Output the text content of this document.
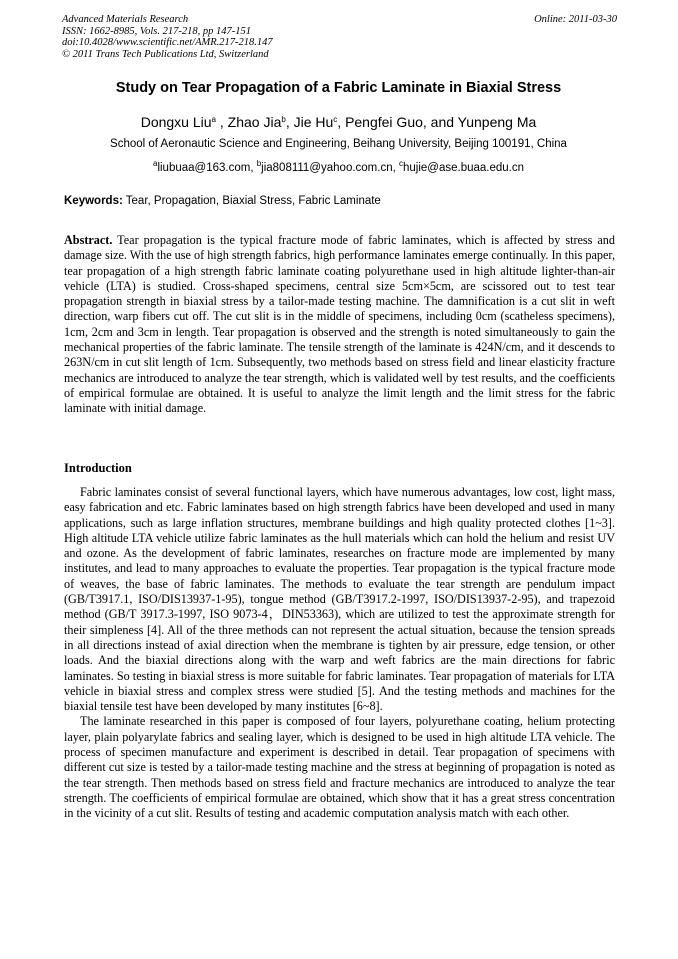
Advanced Materials Research
ISSN: 1662-8985, Vols. 217-218, pp 147-151
doi:10.4028/www.scientific.net/AMR.217-218.147
© 2011 Trans Tech Publications Ltd, Switzerland
Online: 2011-03-30
Study on Tear Propagation of a Fabric Laminate in Biaxial Stress
Dongxu Liu$^a$ , Zhao Jia$^b$, Jie Hu$^c$, Pengfei Guo, and Yunpeng Ma
School of Aeronautic Science and Engineering, Beihang University, Beijing 100191, China
$^a$liubuaa@163.com, $^b$jia808111@yahoo.com.cn, $^c$hujie@ase.buaa.edu.cn
Keywords: Tear, Propagation, Biaxial Stress, Fabric Laminate
Abstract. Tear propagation is the typical fracture mode of fabric laminates, which is affected by stress and damage size. With the use of high strength fabrics, high performance laminates emerge continually. In this paper, tear propagation of a high strength fabric laminate coating polyurethane used in high altitude lighter-than-air vehicle (LTA) is studied. Cross-shaped specimens, central size 5cm×5cm, are scissored out to test tear propagation strength in biaxial stress by a tailor-made testing machine. The damnification is a cut slit in weft direction, warp fibers cut off. The cut slit is in the middle of specimens, including 0cm (scatheless specimens), 1cm, 2cm and 3cm in length. Tear propagation is observed and the strength is noted simultaneously to gain the mechanical properties of the fabric laminate. The tensile strength of the laminate is 424N/cm, and it descends to 263N/cm in cut slit length of 1cm. Subsequently, two methods based on stress field and linear elasticity fracture mechanics are introduced to analyze the tear strength, which is validated well by test results, and the coefficients of empirical formulae are obtained. It is useful to analyze the limit length and the limit stress for the fabric laminate with initial damage.
Introduction

Fabric laminates consist of several functional layers, which have numerous advantages, low cost, light mass, easy fabrication and etc. Fabric laminates based on high strength fabrics have been developed and used in many applications, such as large inflation structures, membrane buildings and high quality protected clothes [1~3]. High altitude LTA vehicle utilize fabric laminates as the hull materials which can hold the helium and resist UV and ozone. As the development of fabric laminates, researches on fracture mode are implemented by many institutes, and lead to many approaches to evaluate the properties. Tear propagation is the typical fracture mode of weaves, the base of fabric laminates. The methods to evaluate the tear strength are pendulum impact (GB/T3917.1, ISO/DIS13937-1-95), tongue method (GB/T3917.2-1997, ISO/DIS13937-2-95), and trapezoid method (GB/T 3917.3-1997, ISO 9073-4，DIN53363), which are utilized to test the approximate strength for their simpleness [4]. All of the three methods can not represent the actual situation, because the tension spreads in all directions instead of axial direction when the membrane is tighten by air pressure, edge tension, or other loads. And the biaxial directions along with the warp and weft fabrics are the main directions for fabric laminates. So testing in biaxial stress is more suitable for fabric laminates. Tear propagation of materials for LTA vehicle in biaxial stress and complex stress were studied [5]. And the testing methods and machines for the biaxial tensile test have been developed by many institutes [6~8].

The laminate researched in this paper is composed of four layers, polyurethane coating, helium protecting layer, plain polyarylate fabrics and sealing layer, which is designed to be used in high altitude LTA vehicle. The process of specimen manufacture and experiment is described in detail. Tear propagation of specimens with different cut size is tested by a tailor-made testing machine and the stress at beginning of propagation is noted as the tear strength. Then methods based on stress field and fracture mechanics are introduced to analyze the tear strength. The coefficients of empirical formulae are obtained, which show that it has a great stress concentration in the vicinity of a cut slit. Results of testing and academic computation analysis match with each other.
